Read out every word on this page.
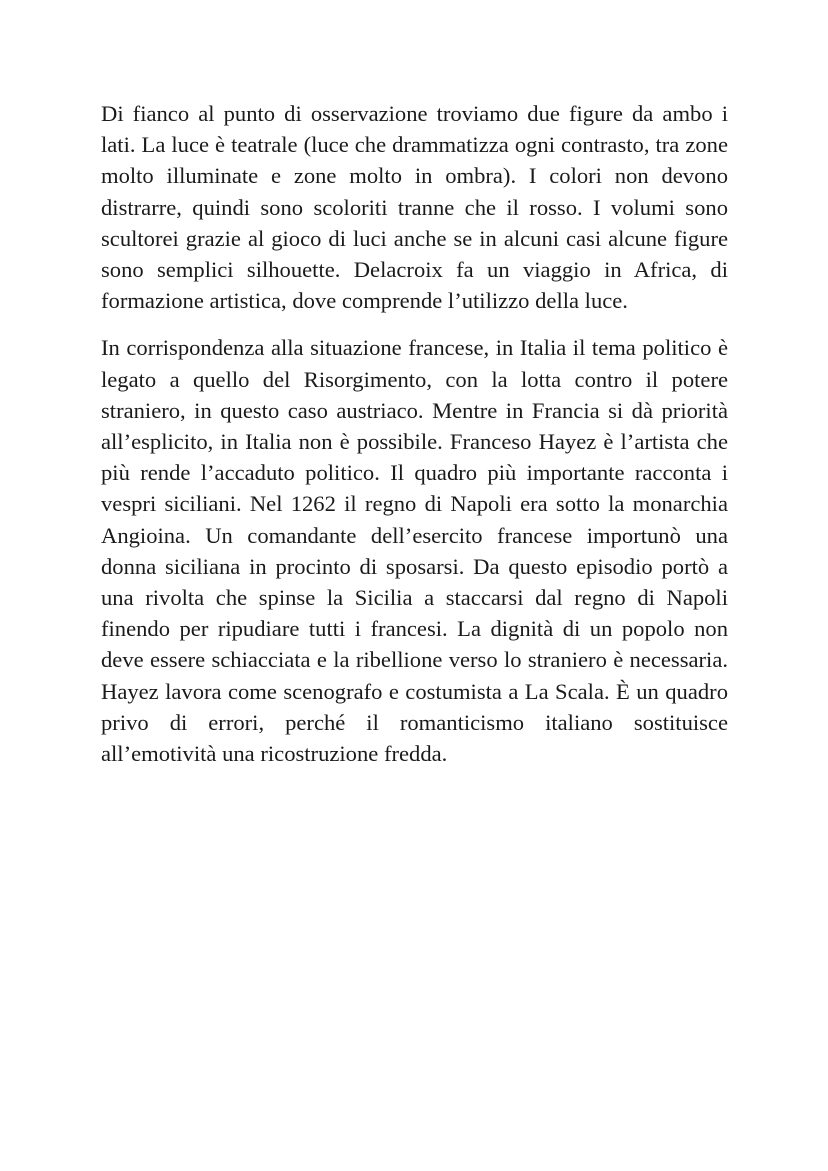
Di fianco al punto di osservazione troviamo due figure da ambo i lati. La luce è teatrale (luce che drammatizza ogni contrasto, tra zone molto illuminate e zone molto in ombra). I colori non devono distrarre, quindi sono scoloriti tranne che il rosso. I volumi sono scultorei grazie al gioco di luci anche se in alcuni casi alcune figure sono semplici silhouette. Delacroix fa un viaggio in Africa, di formazione artistica, dove comprende l’utilizzo della luce.

In corrispondenza alla situazione francese, in Italia il tema politico è legato a quello del Risorgimento, con la lotta contro il potere straniero, in questo caso austriaco. Mentre in Francia si dà priorità all’esplicito, in Italia non è possibile. Franceso Hayez è l’artista che più rende l’accaduto politico. Il quadro più importante racconta i vespri siciliani. Nel 1262 il regno di Napoli era sotto la monarchia Angioina. Un comandante dell’esercito francese importunò una donna siciliana in procinto di sposarsi. Da questo episodio portò a una rivolta che spinse la Sicilia a staccarsi dal regno di Napoli finendo per ripudiare tutti i francesi. La dignità di un popolo non deve essere schiacciata e la ribellione verso lo straniero è necessaria. Hayez lavora come scenografo e costumista a La Scala. È un quadro privo di errori, perché il romanticismo italiano sostituisce all’emotività una ricostruzione fredda.
